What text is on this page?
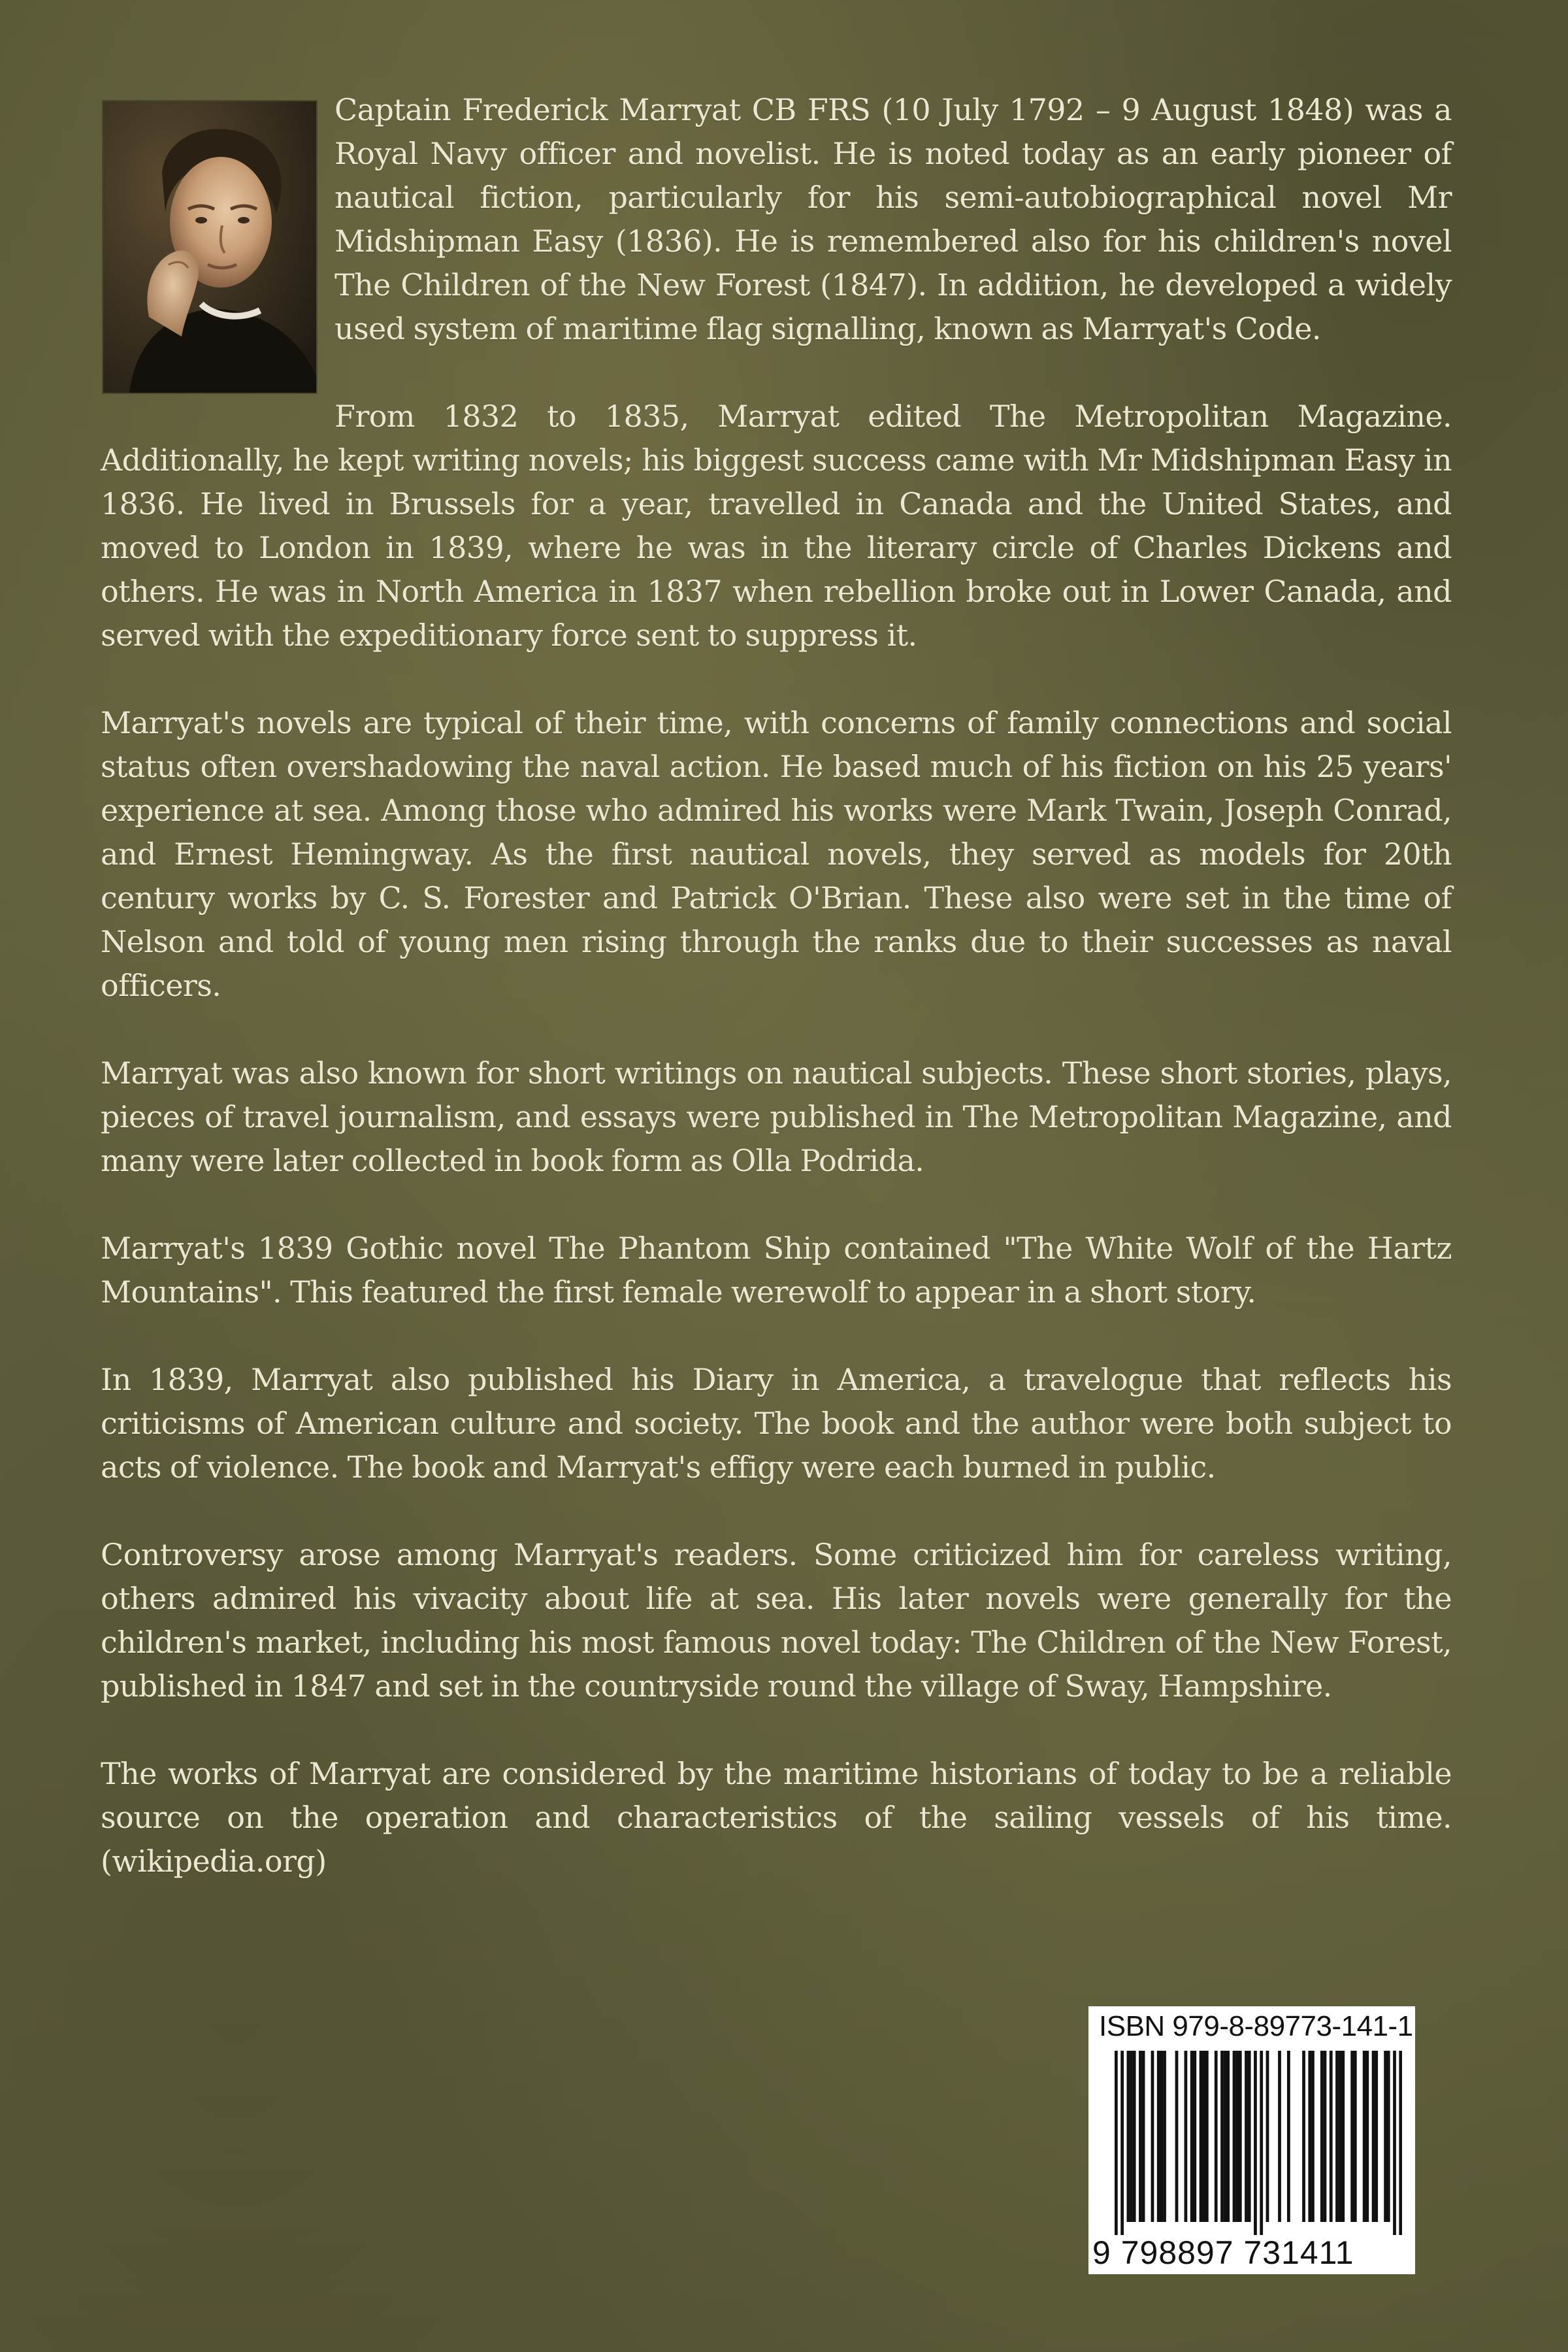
Captain Frederick Marryat CB FRS (10 July 1792 – 9 August 1848) was a Royal Navy officer and novelist. He is noted today as an early pioneer of nautical fiction, particularly for his semi-autobiographical novel Mr Midshipman Easy (1836). He is remembered also for his children's novel The Children of the New Forest (1847). In addition, he developed a widely used system of maritime flag signalling, known as Marryat's Code.

From 1832 to 1835, Marryat edited The Metropolitan Magazine. Additionally, he kept writing novels; his biggest success came with Mr Midshipman Easy in 1836. He lived in Brussels for a year, travelled in Canada and the United States, and moved to London in 1839, where he was in the literary circle of Charles Dickens and others. He was in North America in 1837 when rebellion broke out in Lower Canada, and served with the expeditionary force sent to suppress it.

Marryat's novels are typical of their time, with concerns of family connections and social status often overshadowing the naval action. He based much of his fiction on his 25 years' experience at sea. Among those who admired his works were Mark Twain, Joseph Conrad, and Ernest Hemingway. As the first nautical novels, they served as models for 20th century works by C. S. Forester and Patrick O'Brian. These also were set in the time of Nelson and told of young men rising through the ranks due to their successes as naval officers.

Marryat was also known for short writings on nautical subjects. These short stories, plays, pieces of travel journalism, and essays were published in The Metropolitan Magazine, and many were later collected in book form as Olla Podrida.

Marryat's 1839 Gothic novel The Phantom Ship contained "The White Wolf of the Hartz Mountains". This featured the first female werewolf to appear in a short story.

In 1839, Marryat also published his Diary in America, a travelogue that reflects his criticisms of American culture and society. The book and the author were both subject to acts of violence. The book and Marryat's effigy were each burned in public.

Controversy arose among Marryat's readers. Some criticized him for careless writing, others admired his vivacity about life at sea. His later novels were generally for the children's market, including his most famous novel today: The Children of the New Forest, published in 1847 and set in the countryside round the village of Sway, Hampshire.

The works of Marryat are considered by the maritime historians of today to be a reliable source on the operation and characteristics of the sailing vessels of his time. (wikipedia.org)

ISBN 979-8-89773-141-1
9 798897 731411
